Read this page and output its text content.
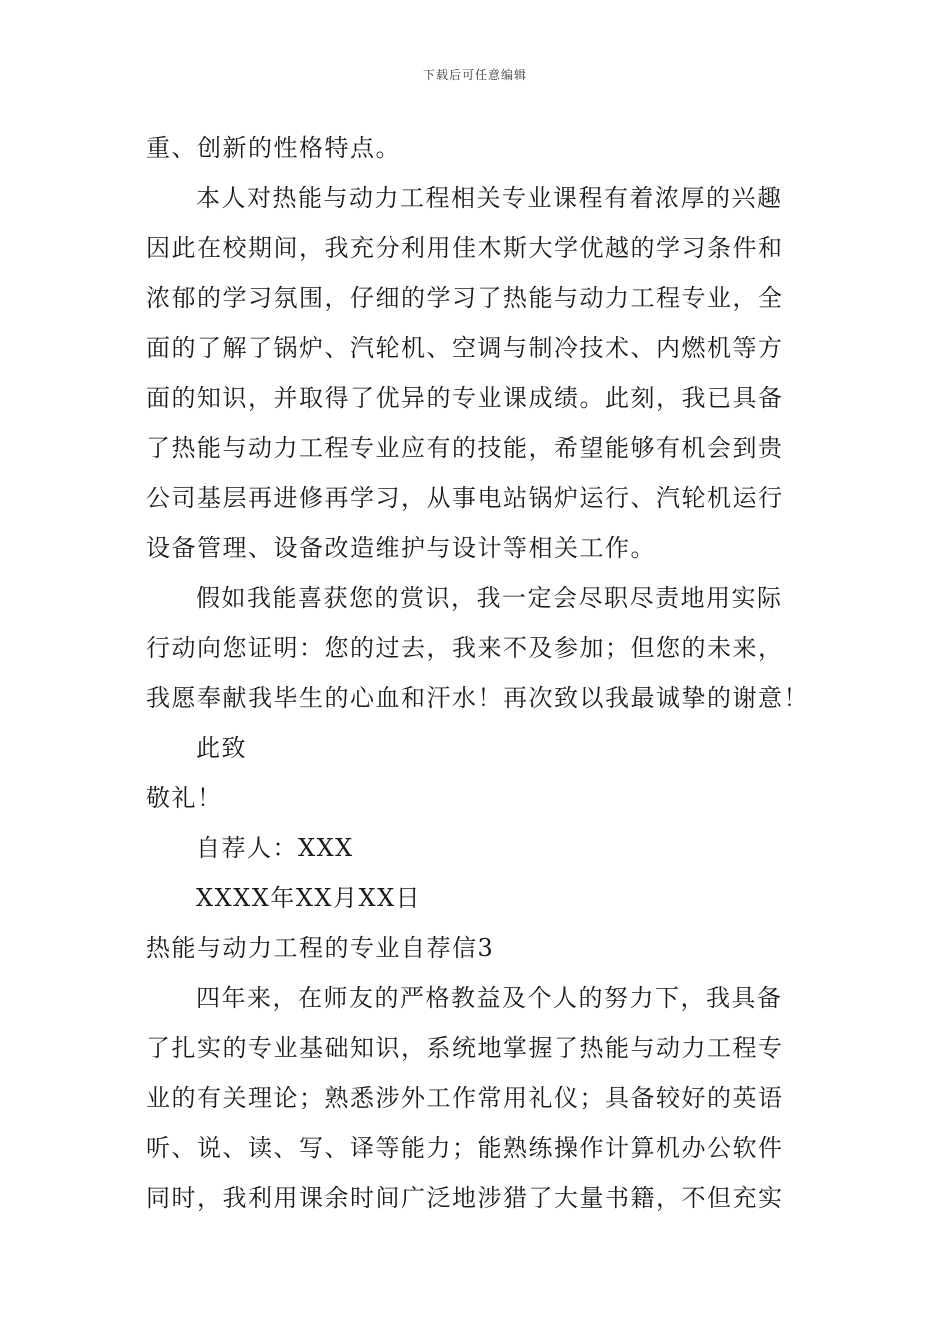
下载后可任意编辑
重、创新的性格特点。
本人对热能与动力工程相关专业课程有着浓厚的兴趣
因此在校期间，我充分利用佳木斯大学优越的学习条件和
浓郁的学习氛围，仔细的学习了热能与动力工程专业，全
面的了解了锅炉、汽轮机、空调与制冷技术、内燃机等方
面的知识，并取得了优异的专业课成绩。此刻，我已具备
了热能与动力工程专业应有的技能，希望能够有机会到贵
公司基层再进修再学习，从事电站锅炉运行、汽轮机运行
设备管理、设备改造维护与设计等相关工作。
假如我能喜获您的赏识，我一定会尽职尽责地用实际
行动向您证明：您的过去，我来不及参加；但您的未来，
我愿奉献我毕生的心血和汗水！再次致以我最诚挚的谢意！
此致
敬礼！
自荐人：XXX
XXXX年XX月XX日
热能与动力工程的专业自荐信3
四年来，在师友的严格教益及个人的努力下，我具备
了扎实的专业基础知识，系统地掌握了热能与动力工程专
业的有关理论；熟悉涉外工作常用礼仪；具备较好的英语
听、说、读、写、译等能力；能熟练操作计算机办公软件
同时，我利用课余时间广泛地涉猎了大量书籍，不但充实
